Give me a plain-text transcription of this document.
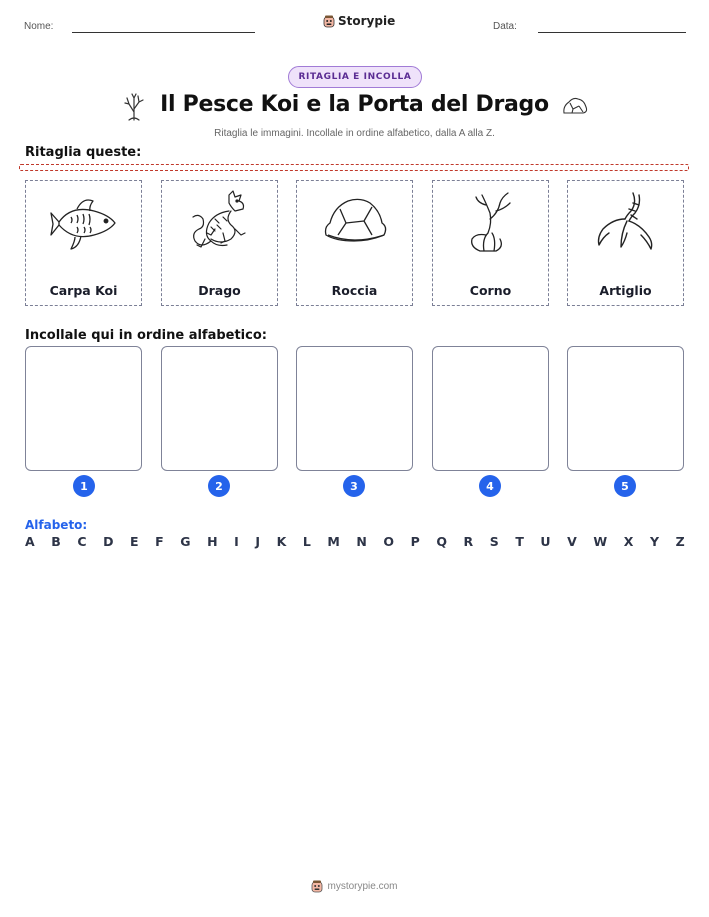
Nome:	Storypie	Data:
RITAGLIA E INCOLLA
Il Pesce Koi e la Porta del Drago
Ritaglia le immagini. Incollale in ordine alfabetico, dalla A alla Z.
Ritaglia queste:
Carpa Koi	Drago	Roccia	Corno	Artiglio
Incollale qui in ordine alfabetico:
1	2	3	4	5
Alfabeto:
A B C D E F G H I J K L M N O P Q R S T U V W X Y Z
mystorypie.com
